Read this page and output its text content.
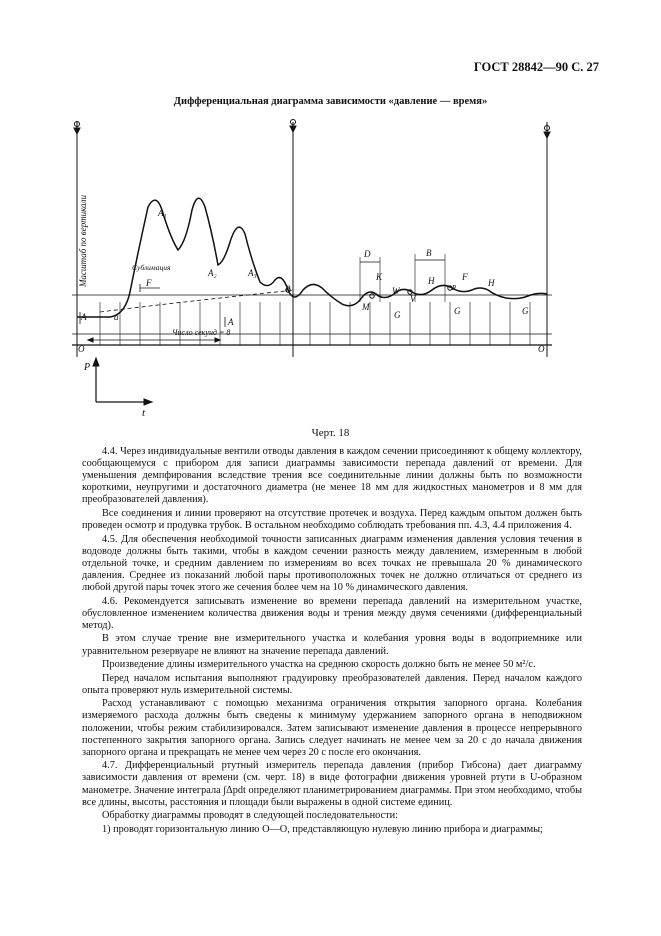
ГОСТ 28842—90 С. 27
Дифференциальная диаграмма зависимости «давление — время»
Масштаб по вертикали	Сублимация
Число секунд = 8
A₁
A₂	A₃
A	A
F
F
a
p
D	B
K	H	H
R
W
V
M
G	G	G
O	O
P
t
Черт. 18

4.4. Через индивидуальные вентили отводы давления в каждом сечении присоединяют к общему коллектору, сообщающемуся с прибором для записи диаграммы зависимости перепада давлений от времени. Для уменьшения демпфирования вследствие трения все соединительные линии должны быть по возможности короткими, неупругими и достаточного диаметра (не менее 18 мм для жидкостных манометров и 8 мм для преобразователей давления).

Все соединения и линии проверяют на отсутствие протечек и воздуха. Перед каждым опытом должен быть проведен осмотр и продувка трубок. В остальном необходимо соблюдать требования пп. 4.3, 4.4 приложения 4.

4.5. Для обеспечения необходимой точности записанных диаграмм изменения давления условия течения в водоводе должны быть такими, чтобы в каждом сечении разность между давлением, измеренным в любой отдельной точке, и средним давлением по измерениям во всех точках не превышала 20 % динамического давления. Среднее из показаний любой пары противоположных точек не должно отличаться от среднего из любой другой пары точек этого же сечения более чем на 10 % динамического давления.

4.6. Рекомендуется записывать изменение во времени перепада давлений на измерительном участке, обусловленное изменением количества движения воды и трения между двумя сечениями (дифференциальный метод).

В этом случае трение вне измерительного участка и колебания уровня воды в водоприемнике или уравнительном резервуаре не влияют на значение перепада давлений.

Произведение длины измерительного участка на среднюю скорость должно быть не менее 50 м²/с.

Перед началом испытания выполняют градуировку преобразователей давления. Перед началом каждого опыта проверяют нуль измерительной системы.

Расход устанавливают с помощью механизма ограничения открытия запорного органа. Колебания измеряемого расхода должны быть сведены к минимуму удержанием запорного органа в неподвижном положении, чтобы режим стабилизировался. Затем записывают изменение давления в процессе непрерывного постепенного закрытия запорного органа. Запись следует начинать не менее чем за 20 с до начала движения запорного органа и прекращать не менее чем через 20 с после его окончания.

4.7. Дифференциальный ртутный измеритель перепада давления (прибор Гибсона) дает диаграмму зависимости давления от времени (см. черт. 18) в виде фотографии движения уровней ртути в U-образном манометре. Значение интеграла ∫Δpdt определяют планиметрированием диаграммы. При этом необходимо, чтобы все длины, высоты, расстояния и площади были выражены в одной системе единиц.

Обработку диаграммы проводят в следующей последовательности:

1) проводят горизонтальную линию O—O, представляющую нулевую линию прибора и диаграммы;
